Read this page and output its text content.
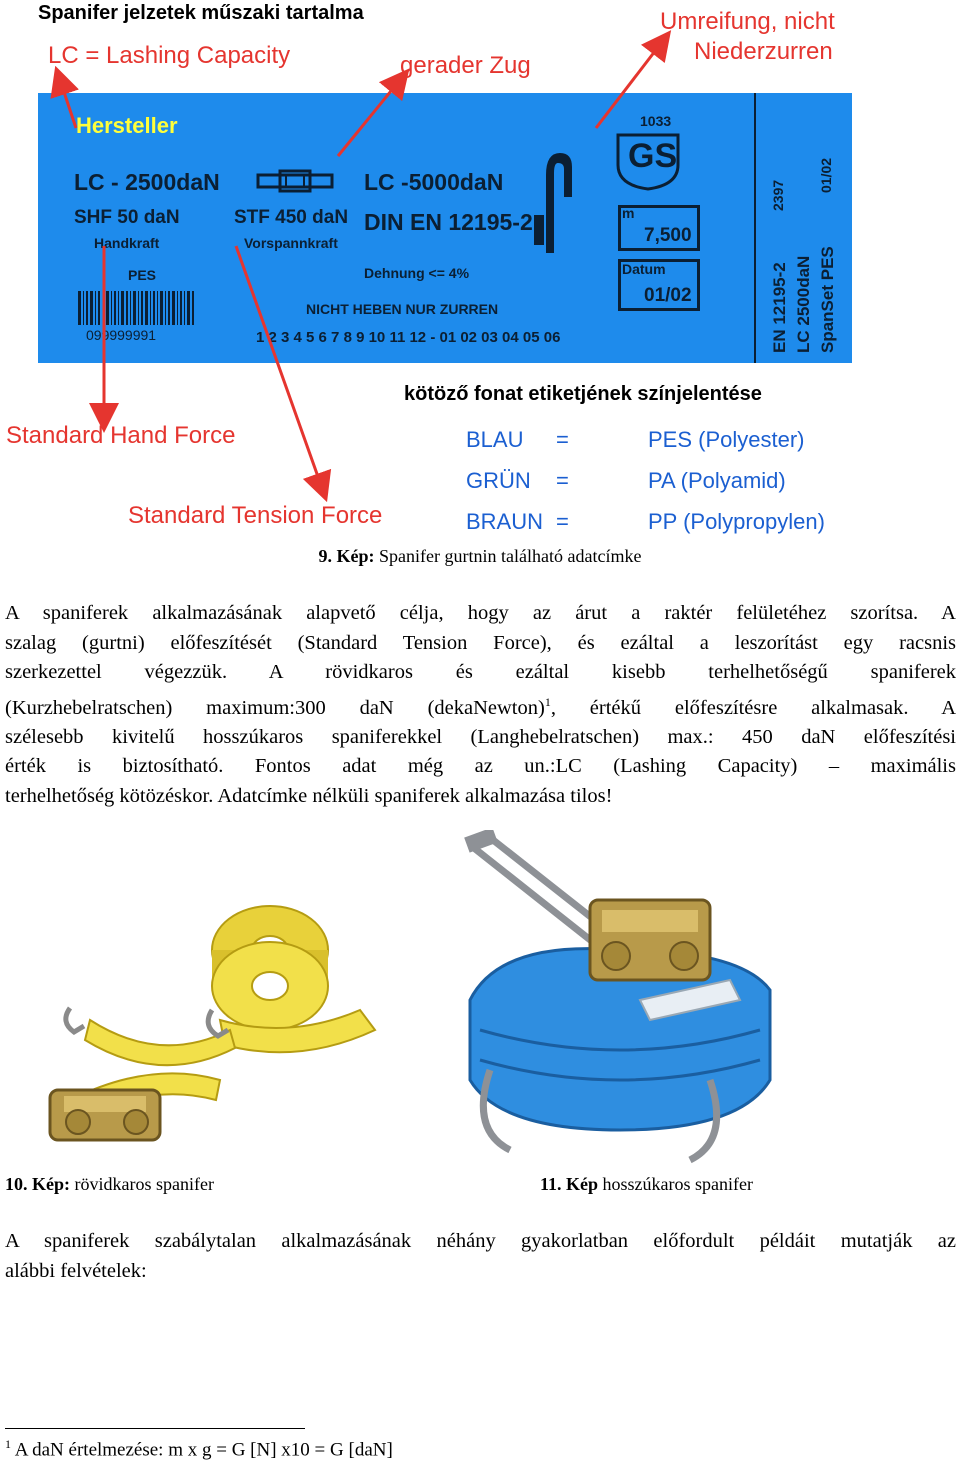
Spanifer jelzetek műszaki tartalma
LC = Lashing Capacity	gerader Zug
Umreifung, nicht
Niederzurren
Hersteller
LC - 2500daN	LC -5000daN
SHF 50 daN
Handkraft
STF 450 daN
Vorspannkraft
DIN EN 12195-2
PES	Dehnung <= 4%
099999991
NICHT HEBEN NUR ZURREN
1 2 3 4 5 6 7 8 9 10 11 12 - 01 02 03 04 05 06
1033
GS
m
7,500
Datum
01/02	EN 12195-2 LC 2500daN SpanSet PES
2397
01/02
Standard Hand Force
Standard Tension Force
kötöző fonat etiketjének színjelentése
BLAU =	PES (Polyester)
GRÜN =	PA (Polyamid)
BRAUN =	PP (Polypropylen)
9. Kép: Spanifer gurtnin található adatcímke
A spaniferek alkalmazásának alapvető célja, hogy az árut a raktér felületéhez szorítsa. A
szalag (gurtni) előfeszítését (Standard Tension Force), és ezáltal a leszorítást egy racsnis
szerkezettel végezzük. A rövidkaros és ezáltal kisebb terhelhetőségű spaniferek
(Kurzhebelratschen) maximum:300 daN (dekaNewton)$^1$, értékű előfeszítésre alkalmasak. A
szélesebb kivitelű hosszúkaros spaniferekkel (Langhebelratschen) max.: 450 daN előfeszítési
érték is biztosítható. Fontos adat még az un.:LC (Lashing Capacity) – maximális
terhelhetőség kötözéskor. Adatcímke nélküli spaniferek alkalmazása tilos!
10. Kép: rövidkaros spanifer	11. Kép hosszúkaros spanifer
A spaniferek szabálytalan alkalmazásának néhány gyakorlatban előfordult példáit mutatják az
alábbi felvételek:
$^1$ A daN értelmezése: m x g = G [N] x10 = G [daN]
